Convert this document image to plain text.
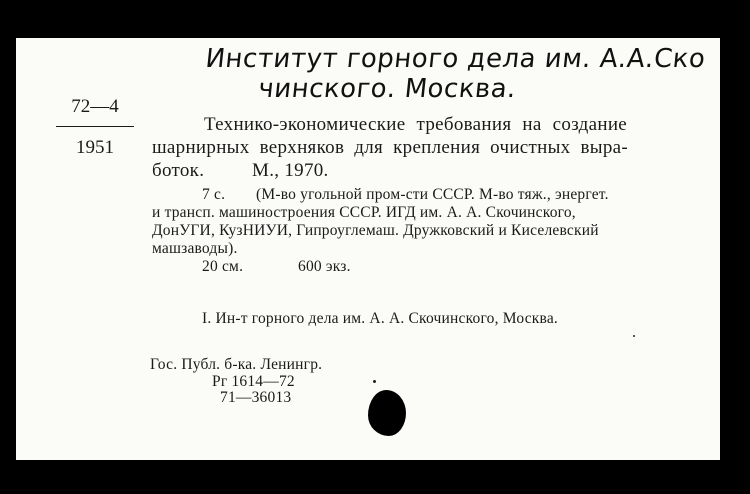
Институт горного дела им. А.А.Ско
чинского. Москва.
72—4
1951
Технико-экономические требования на создание
шарнирных верхняков для крепления очистных выра-
боток.	М., 1970.
7 с. (М-во угольной пром-сти СССР. М-во тяж., энергет.
и трансп. машиностроения СССР. ИГД им. А. А. Скочинского,
ДонУГИ, КузНИУИ, Гипроуглемаш. Дружковский и Киселевский
машзаводы).
20 см.	600 экз.
I. Ин-т горного дела им. А. А. Скочинского, Москва.
Гос. Публ. б-ка. Ленингр.
Рг 1614—72
71—36013
